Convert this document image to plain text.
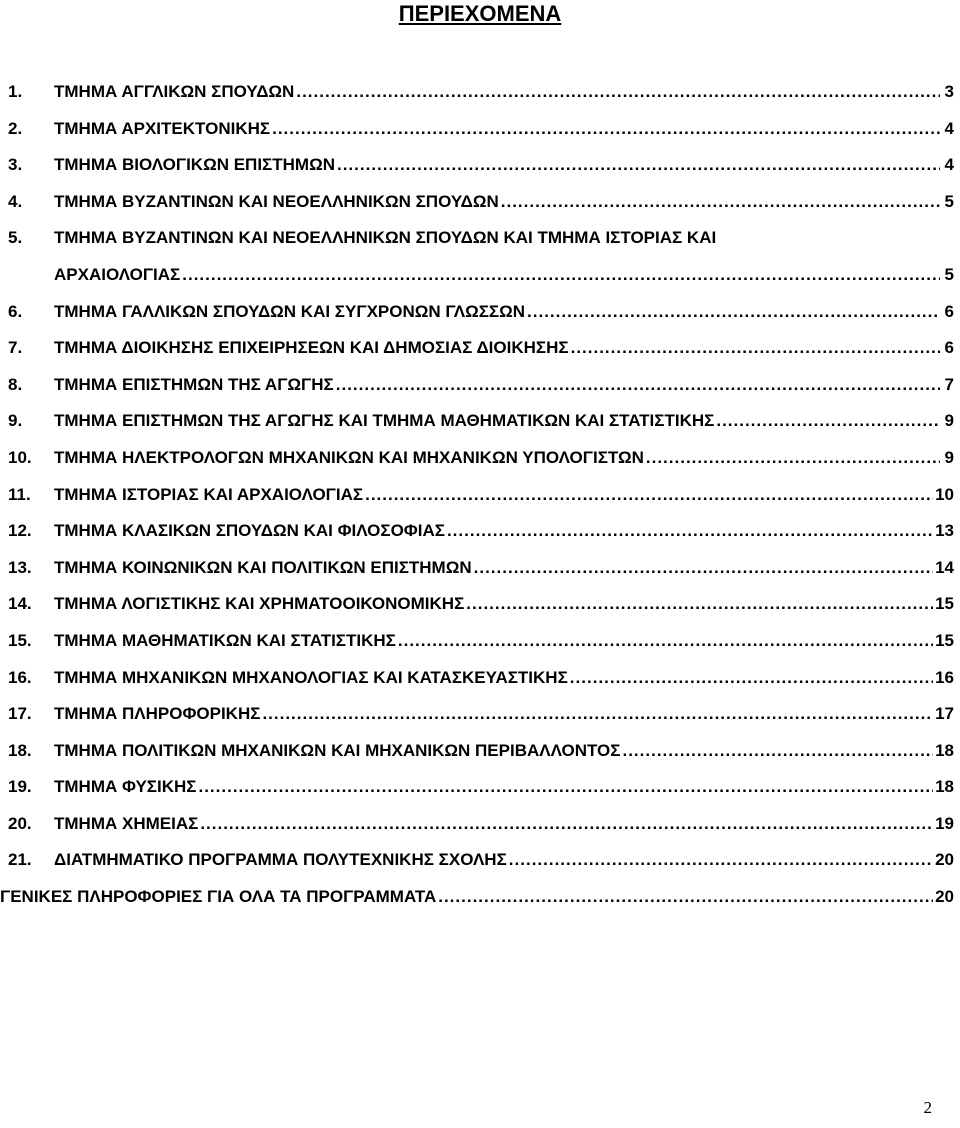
ΠΕΡΙΕΧΟΜΕΝΑ
1.	ΤΜΗΜΑ ΑΓΓΛΙΚΩΝ ΣΠΟΥΔΩΝ .....	3
2.	ΤΜΗΜΑ ΑΡΧΙΤΕΚΤΟΝΙΚΗΣ .....	4
3.	ΤΜΗΜΑ ΒΙΟΛΟΓΙΚΩΝ ΕΠΙΣΤΗΜΩΝ .....	4
4.	ΤΜΗΜΑ ΒΥΖΑΝΤΙΝΩΝ ΚΑΙ ΝΕΟΕΛΛΗΝΙΚΩΝ ΣΠΟΥΔΩΝ .....	5
5.	ΤΜΗΜΑ ΒΥΖΑΝΤΙΝΩΝ ΚΑΙ ΝΕΟΕΛΛΗΝΙΚΩΝ ΣΠΟΥΔΩΝ ΚΑΙ ΤΜΗΜΑ ΙΣΤΟΡΙΑΣ ΚΑΙ
ΑΡΧΑΙΟΛΟΓΙΑΣ .....	5
6.	ΤΜΗΜΑ ΓΑΛΛΙΚΩΝ ΣΠΟΥΔΩΝ ΚΑΙ ΣΥΓΧΡΟΝΩΝ ΓΛΩΣΣΩΝ .....	6
7.	ΤΜΗΜΑ ΔΙΟΙΚΗΣΗΣ ΕΠΙΧΕΙΡΗΣΕΩΝ ΚΑΙ ΔΗΜΟΣΙΑΣ ΔΙΟΙΚΗΣΗΣ .....	6
8.	ΤΜΗΜΑ ΕΠΙΣΤΗΜΩΝ ΤΗΣ ΑΓΩΓΗΣ .....	7
9.	ΤΜΗΜΑ ΕΠΙΣΤΗΜΩΝ ΤΗΣ ΑΓΩΓΗΣ ΚΑΙ ΤΜΗΜΑ ΜΑΘΗΜΑΤΙΚΩΝ ΚΑΙ ΣΤΑΤΙΣΤΙΚΗΣ .....	9
10.	ΤΜΗΜΑ ΗΛΕΚΤΡΟΛΟΓΩΝ ΜΗΧΑΝΙΚΩΝ ΚΑΙ ΜΗΧΑΝΙΚΩΝ ΥΠΟΛΟΓΙΣΤΩΝ .....	9
11.	ΤΜΗΜΑ ΙΣΤΟΡΙΑΣ ΚΑΙ ΑΡΧΑΙΟΛΟΓΙΑΣ .....	10
12.	ΤΜΗΜΑ ΚΛΑΣΙΚΩΝ ΣΠΟΥΔΩΝ ΚΑΙ ΦΙΛΟΣΟΦΙΑΣ .....	13
13.	ΤΜΗΜΑ ΚΟΙΝΩΝΙΚΩΝ ΚΑΙ ΠΟΛΙΤΙΚΩΝ ΕΠΙΣΤΗΜΩΝ .....	14
14.	ΤΜΗΜΑ ΛΟΓΙΣΤΙΚΗΣ ΚΑΙ ΧΡΗΜΑΤΟΟΙΚΟΝΟΜΙΚΗΣ .....	15
15.	ΤΜΗΜΑ ΜΑΘΗΜΑΤΙΚΩΝ ΚΑΙ ΣΤΑΤΙΣΤΙΚΗΣ .....	15
16.	ΤΜΗΜΑ ΜΗΧΑΝΙΚΩΝ ΜΗΧΑΝΟΛΟΓΙΑΣ ΚΑΙ ΚΑΤΑΣΚΕΥΑΣΤΙΚΗΣ .....	16
17.	ΤΜΗΜΑ ΠΛΗΡΟΦΟΡΙΚΗΣ .....	17
18.	ΤΜΗΜΑ ΠΟΛΙΤΙΚΩΝ ΜΗΧΑΝΙΚΩΝ ΚΑΙ ΜΗΧΑΝΙΚΩΝ ΠΕΡΙΒΑΛΛΟΝΤΟΣ .....	18
19.	ΤΜΗΜΑ ΦΥΣΙΚΗΣ .....	18
20.	ΤΜΗΜΑ ΧΗΜΕΙΑΣ .....	19
21.	ΔΙΑΤΜΗΜΑΤΙΚΟ ΠΡΟΓΡΑΜΜΑ ΠΟΛΥΤΕΧΝΙΚΗΣ ΣΧΟΛΗΣ .....	20
ΓΕΝΙΚΕΣ ΠΛΗΡΟΦΟΡΙΕΣ ΓΙΑ ΟΛΑ ΤΑ ΠΡΟΓΡΑΜΜΑΤΑ .....	20
2
